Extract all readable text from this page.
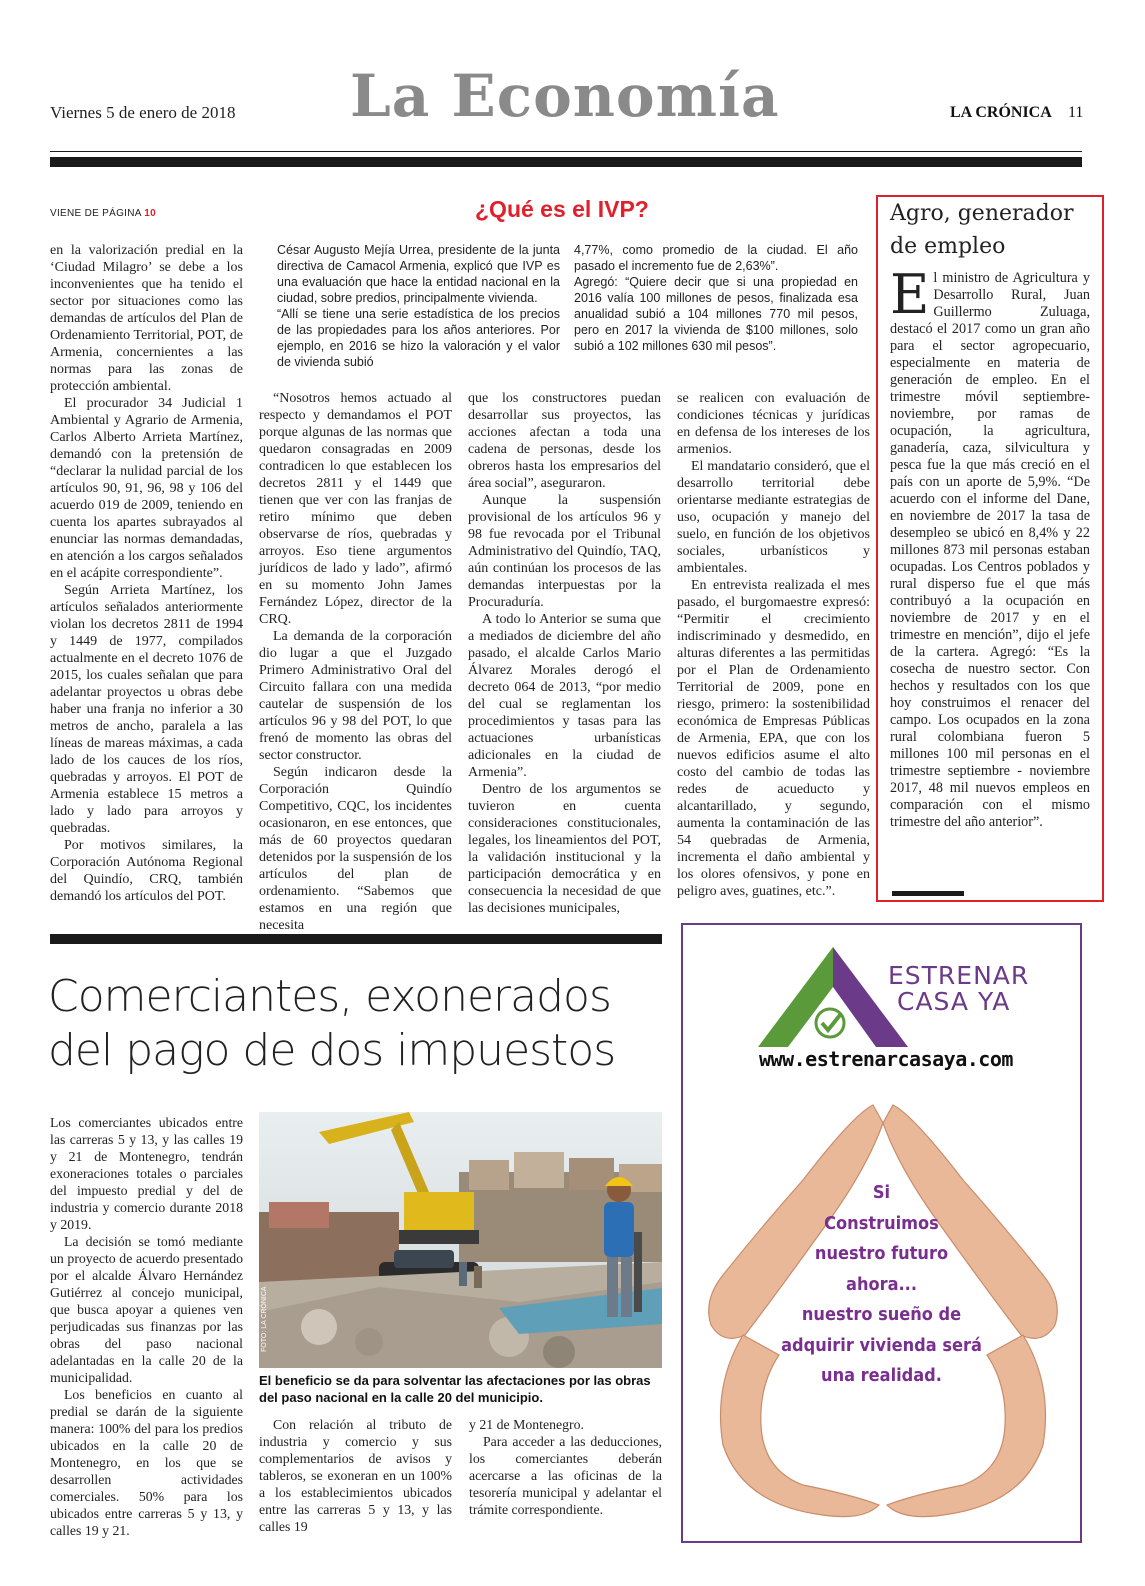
Viernes 5 de enero de 2018 La Economía	LA CRÓNICA 11
VIENE DE PÁGINA 10	¿Qué es el IVP?

César Augusto Mejía Urrea, presidente de la junta directiva de Camacol Armenia, explicó que IVP es una evaluación que hace la entidad nacional en la ciudad, sobre predios, principalmente vivienda.

“Allí se tiene una serie estadística de los precios de las propiedades para los años anteriores. Por ejemplo, en 2016 se hizo la valoración y el valor de vivienda subió

4,77%, como promedio de la ciudad. El año pasado el incremento fue de 2,63%”.

Agregó: “Quiere decir que si una propiedad en 2016 valía 100 millones de pesos, finalizada esa anualidad subió a 104 millones 770 mil pesos, pero en 2017 la vivienda de $100 millones, solo subió a 102 millones 630 mil pesos”.

en la valorización predial en la ‘Ciudad Milagro’ se debe a los inconvenientes que ha tenido el sector por situaciones como las demandas de artículos del Plan de Ordenamiento Territorial, POT, de Armenia, concernientes a las normas para las zonas de protección ambiental.

El procurador 34 Judicial 1 Ambiental y Agrario de Armenia, Carlos Alberto Arrieta Martínez, demandó con la pretensión de “declarar la nulidad parcial de los artículos 90, 91, 96, 98 y 106 del acuerdo 019 de 2009, teniendo en cuenta los apartes subrayados al enunciar las normas demandadas, en atención a los cargos señalados en el acápite correspondiente”.

Según Arrieta Martínez, los artículos señalados anteriormente violan los decretos 2811 de 1994 y 1449 de 1977, compilados actualmente en el decreto 1076 de 2015, los cuales señalan que para adelantar proyectos u obras debe haber una franja no inferior a 30 metros de ancho, paralela a las líneas de mareas máximas, a cada lado de los cauces de los ríos, quebradas y arroyos. El POT de Armenia establece 15 metros a lado y lado para arroyos y quebradas.

Por motivos similares, la Corporación Autónoma Regional del Quindío, CRQ, también demandó los artículos del POT.

“Nosotros hemos actuado al respecto y demandamos el POT porque algunas de las normas que quedaron consagradas en 2009 contradicen lo que establecen los decretos 2811 y el 1449 que tienen que ver con las franjas de retiro mínimo que deben observarse de ríos, quebradas y arroyos. Eso tiene argumentos jurídicos de lado y lado”, afirmó en su momento John James Fernández López, director de la CRQ.

La demanda de la corporación dio lugar a que el Juzgado Primero Administrativo Oral del Circuito fallara con una medida cautelar de suspensión de los artículos 96 y 98 del POT, lo que frenó de momento las obras del sector constructor.

Según indicaron desde la Corporación Quindío Competitivo, CQC, los incidentes ocasionaron, en ese entonces, que más de 60 proyectos quedaran detenidos por la suspensión de los artículos del plan de ordenamiento. “Sabemos que estamos en una región que necesita

que los constructores puedan desarrollar sus proyectos, las acciones afectan a toda una cadena de personas, desde los obreros hasta los empresarios del área social”, aseguraron.

Aunque la suspensión provisional de los artículos 96 y 98 fue revocada por el Tribunal Administrativo del Quindío, TAQ, aún continúan los procesos de las demandas interpuestas por la Procuraduría.

A todo lo Anterior se suma que a mediados de diciembre del año pasado, el alcalde Carlos Mario Álvarez Morales derogó el decreto 064 de 2013, “por medio del cual se reglamentan los procedimientos y tasas para las actuaciones urbanísticas adicionales en la ciudad de Armenia”.

Dentro de los argumentos se tuvieron en cuenta consideraciones constitucionales, legales, los lineamientos del POT, la validación institucional y la participación democrática y en consecuencia la necesidad de que las decisiones municipales,

se realicen con evaluación de condiciones técnicas y jurídicas en defensa de los intereses de los armenios.

El mandatario consideró, que el desarrollo territorial debe orientarse mediante estrategias de uso, ocupación y manejo del suelo, en función de los objetivos sociales, urbanísticos y ambientales.

En entrevista realizada el mes pasado, el burgomaestre expresó: “Permitir el crecimiento indiscriminado y desmedido, en alturas diferentes a las permitidas por el Plan de Ordenamiento Territorial de 2009, pone en riesgo, primero: la sostenibilidad económica de Empresas Públicas de Armenia, EPA, que con los nuevos edificios asume el alto costo del cambio de todas las redes de acueducto y alcantarillado, y segundo, aumenta la contaminación de las 54 quebradas de Armenia, incrementa el daño ambiental y los olores ofensivos, y pone en peligro aves, guatines, etc.”.

Agro, generador de empleo
El ministro de Agricultura y Desarrollo Rural, Juan Guillermo Zuluaga, destacó el 2017 como un gran año para el sector agropecuario, especialmente en materia de generación de empleo. En el trimestre móvil septiembre-noviembre, por ramas de ocupación, la agricultura, ganadería, caza, silvicultura y pesca fue la que más creció en el país con un aporte de 5,9%. “De acuerdo con el informe del Dane, en noviembre de 2017 la tasa de desempleo se ubicó en 8,4% y 22 millones 873 mil personas estaban ocupadas. Los Centros poblados y rural disperso fue el que más contribuyó a la ocupación en noviembre de 2017 y en el trimestre en mención”, dijo el jefe de la cartera. Agregó: “Es la cosecha de nuestro sector. Con hechos y resultados con los que hoy construimos el renacer del campo. Los ocupados en la zona rural colombiana fueron 5 millones 100 mil personas en el trimestre septiembre - noviembre 2017, 48 mil nuevos empleos en comparación con el mismo trimestre del año anterior”.
Comerciantes, exonerados del pago de dos impuestos

Los comerciantes ubicados entre las carreras 5 y 13, y las calles 19 y 21 de Montenegro, tendrán exoneraciones totales o parciales del impuesto predial y del de industria y comercio durante 2018 y 2019.

La decisión se tomó mediante un proyecto de acuerdo presentado por el alcalde Álvaro Hernández Gutiérrez al concejo municipal, que busca apoyar a quienes ven perjudicadas sus finanzas por las obras del paso nacional adelantadas en la calle 20 de la municipalidad.

Los beneficios en cuanto al predial se darán de la siguiente manera: 100% del para los predios ubicados en la calle 20 de Montenegro, en los que se desarrollen actividades comerciales. 50% para los ubicados entre carreras 5 y 13, y calles 19 y 21.

FOTO: LA CRÓNICA
El beneficio se da para solventar las afectaciones por las obras del paso nacional en la calle 20 del municipio.

Con relación al tributo de industria y comercio y sus complementarios de avisos y tableros, se exoneran en un 100% a los establecimientos ubicados entre las carreras 5 y 13, y las calles 19

y 21 de Montenegro.

Para acceder a las deducciones, los comerciantes deberán acercarse a las oficinas de la tesorería municipal y adelantar el trámite correspondiente.

ESTRENAR
CASA YA
www.estrenarcasaya.com
Si
Construimos
nuestro futuro
ahora...
nuestro sueño de
adquirir vivienda será
una realidad.
